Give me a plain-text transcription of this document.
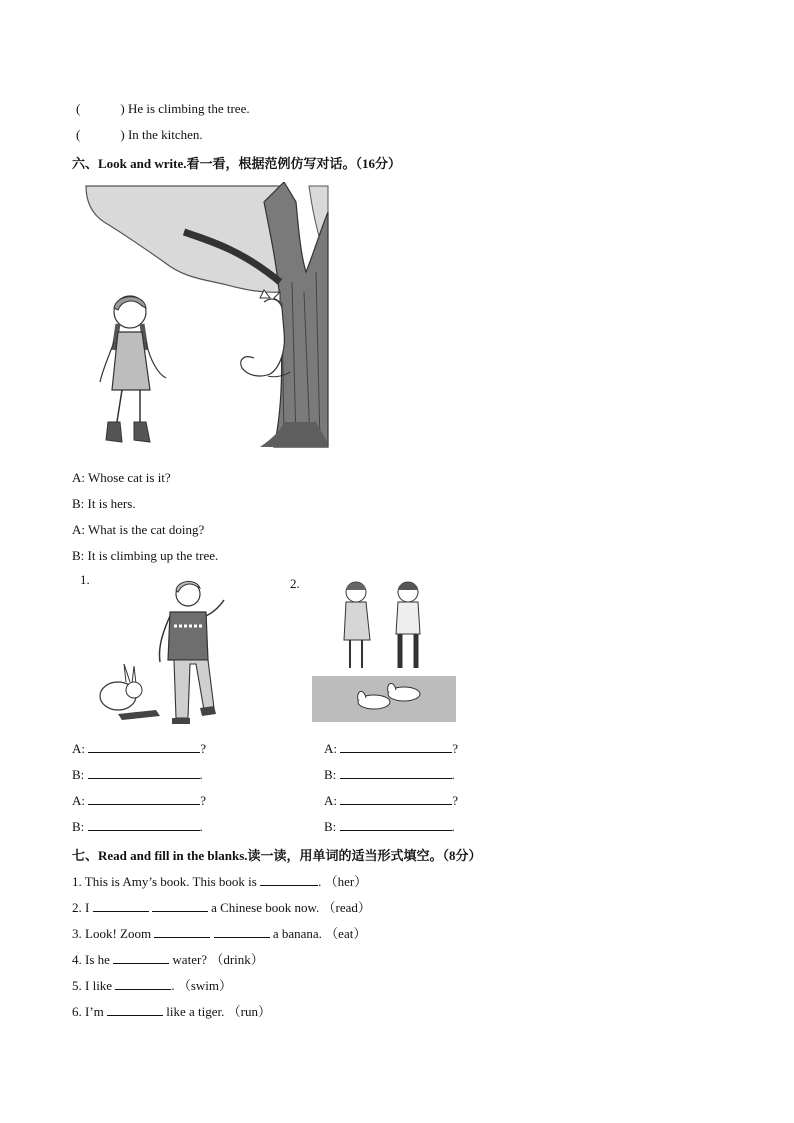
(	) He is climbing the tree.
(	) In the kitchen.
六、Look and write.看一看，根据范例仿写对话。（16分）
A: Whose cat is it?
B: It is hers.
A: What is the cat doing?
B: It is climbing up the tree.
1.	2.
A:	?
B:	.
A:	?
B:	.
A:	?
B:	.
A:	?
B:	.
七、Read and fill in the blanks.读一读，用单词的适当形式填空。（8分）
1. This is Amy’s book. This book is	. （her）
2. I	a Chinese book now. （read）
3. Look! Zoom	a banana. （eat）
4. Is he	water? （drink）
5. I like	. （swim）
6. I’m	like a tiger. （run）
